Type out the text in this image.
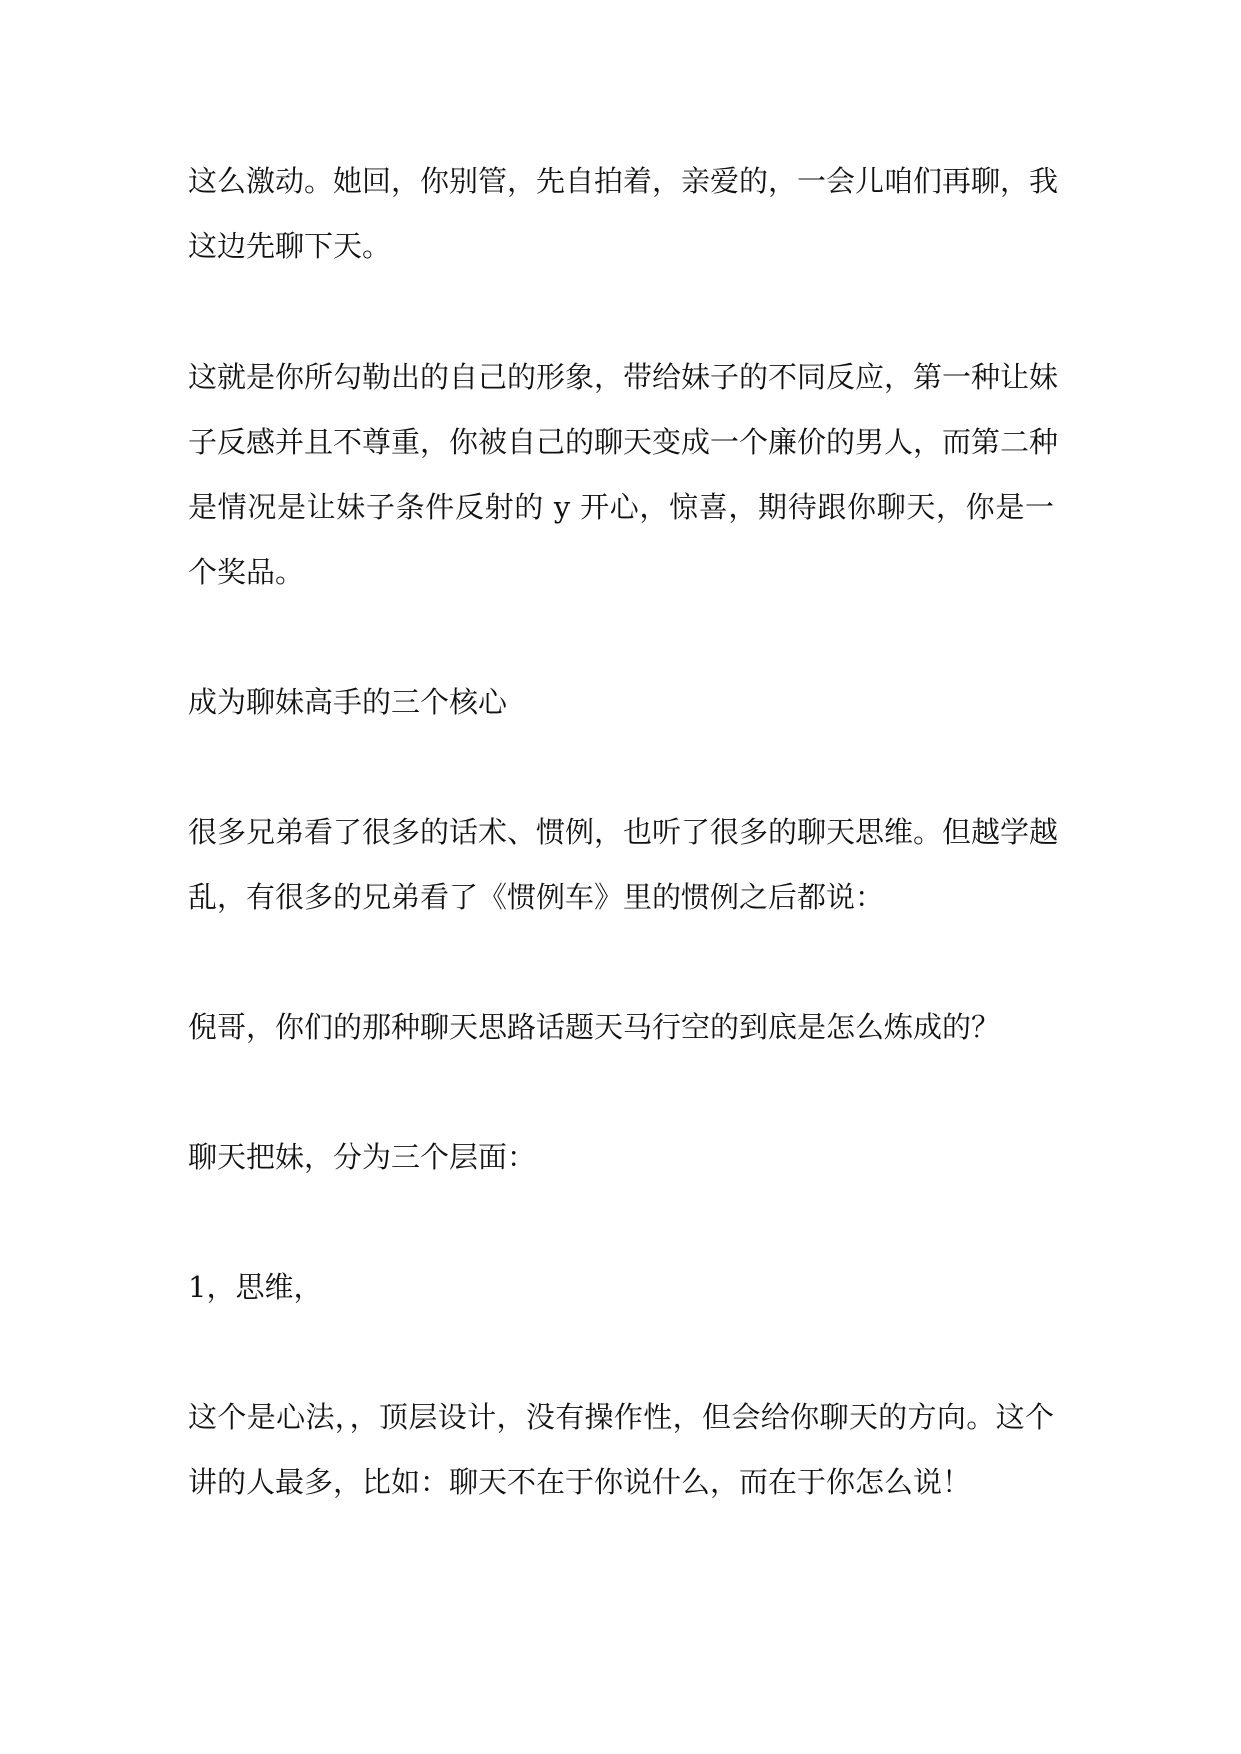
这么激动。她回，你别管，先自拍着，亲爱的，一会儿咱们再聊，我
这边先聊下天。
这就是你所勾勒出的自己的形象，带给妹子的不同反应，第一种让妹
子反感并且不尊重，你被自己的聊天变成一个廉价的男人，而第二种
是情况是让妹子条件反射的 y 开心，惊喜，期待跟你聊天，你是一
个奖品。
成为聊妹高手的三个核心
很多兄弟看了很多的话术、惯例，也听了很多的聊天思维。但越学越
乱，有很多的兄弟看了《惯例车》里的惯例之后都说：
倪哥，你们的那种聊天思路话题天马行空的到底是怎么炼成的？
聊天把妹，分为三个层面：
1，思维，
这个是心法，，顶层设计，没有操作性，但会给你聊天的方向。这个
讲的人最多，比如：聊天不在于你说什么，而在于你怎么说！
